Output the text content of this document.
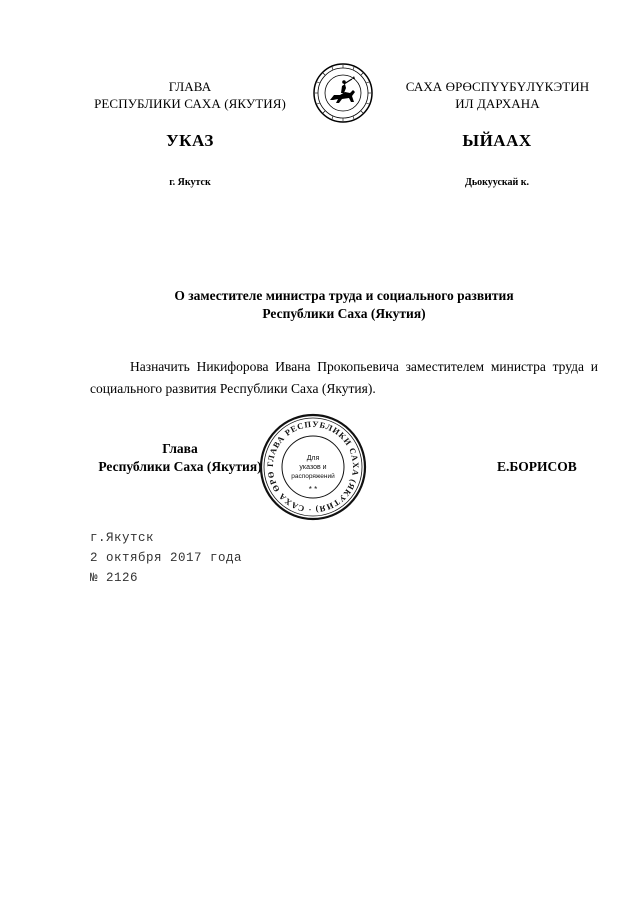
ГЛАВА
РЕСПУБЛИКИ САХА (ЯКУТИЯ)
САХА ӨРӨСПҮҮБҮЛҮКЭТИН
ИЛ ДАРХАНА
УКАЗ	ЫЙААХ
г. Якутск	Дьокуускай к.
О заместителе министра труда и социального развития
Республики Саха (Якутия)
Назначить Никифорова Ивана Прокопьевича заместителем министра труда и социального развития Республики Саха (Якутия).
Глава
Республики Саха (Якутия)	Е.БОРИСОВ
ГЛАВА РЕСПУБЛИКИ САХА (ЯКУТИЯ) · САХА ӨРӨ
Для
указов и
распоряжений
* *
г.Якутск
2 октября 2017 года
№ 2126
